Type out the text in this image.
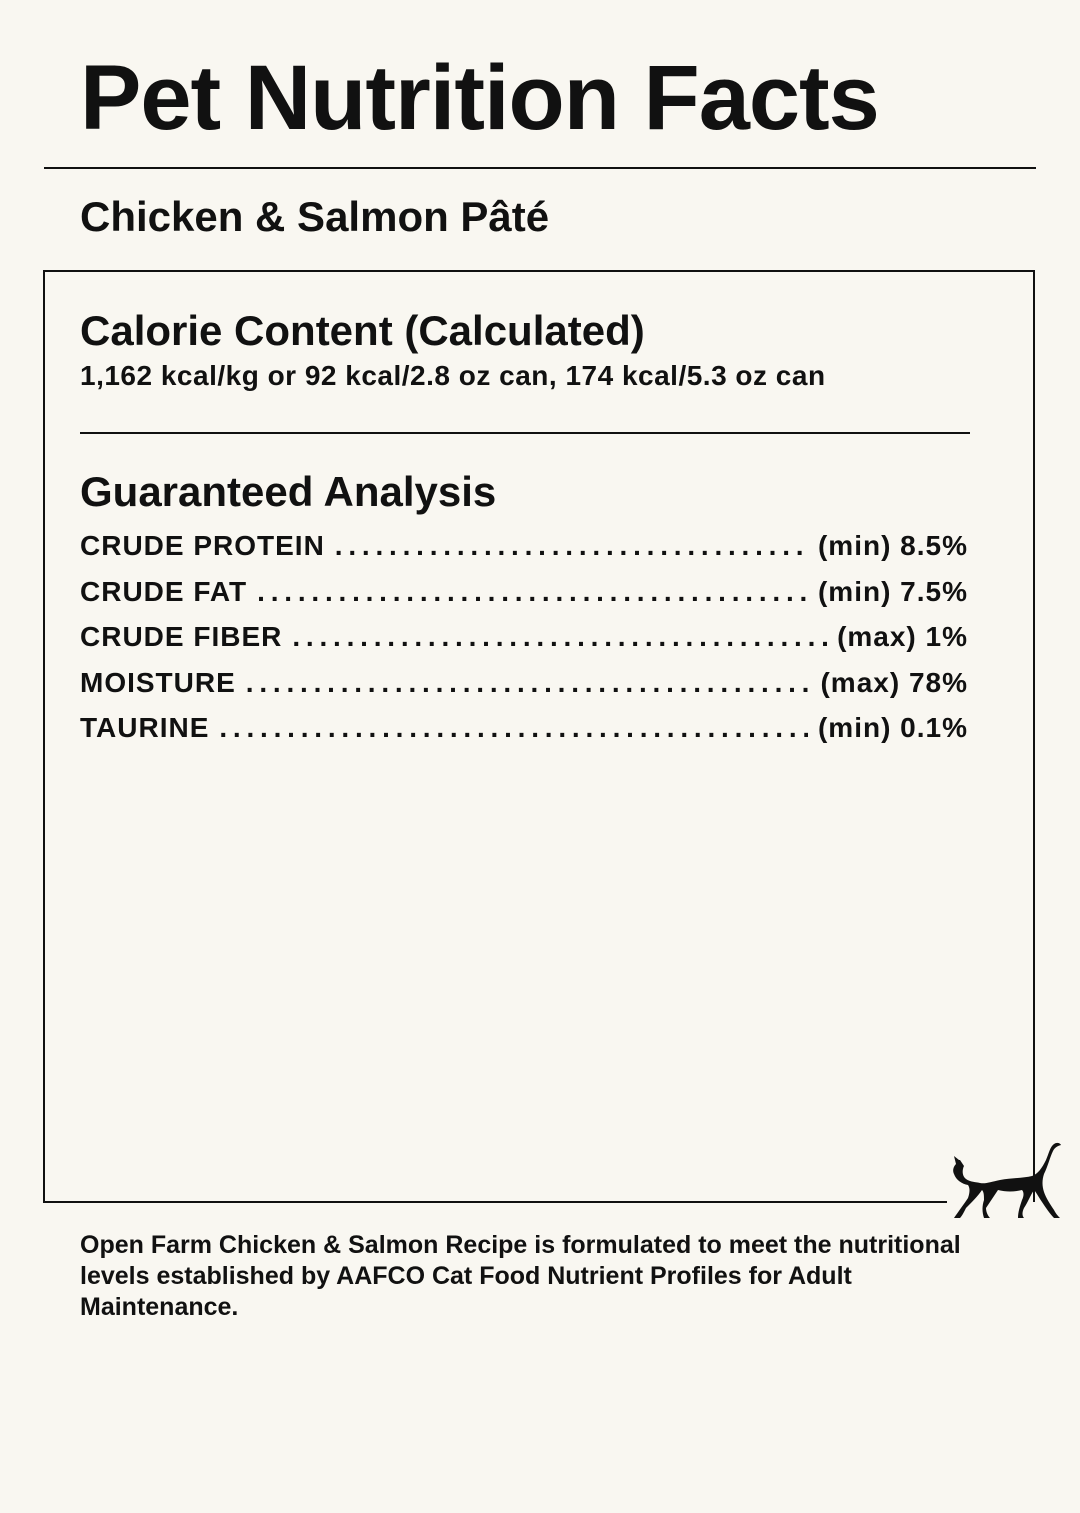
Pet Nutrition Facts
Chicken & Salmon Pâté
Calorie Content (Calculated)

1,162 kcal/kg or 92 kcal/2.8 oz can, 174 kcal/5.3 oz can

Guaranteed Analysis
CRUDE PROTEIN . . .	(min) 8.5%
CRUDE FAT . . .	(min) 7.5%
CRUDE FIBER . . .	(max) 1%
MOISTURE . . .	(max) 78%
TAURINE . . .	(min) 0.1%

Open Farm Chicken & Salmon Recipe is formulated to meet the nutritional levels established by AAFCO Cat Food Nutrient Profiles for Adult Maintenance.
